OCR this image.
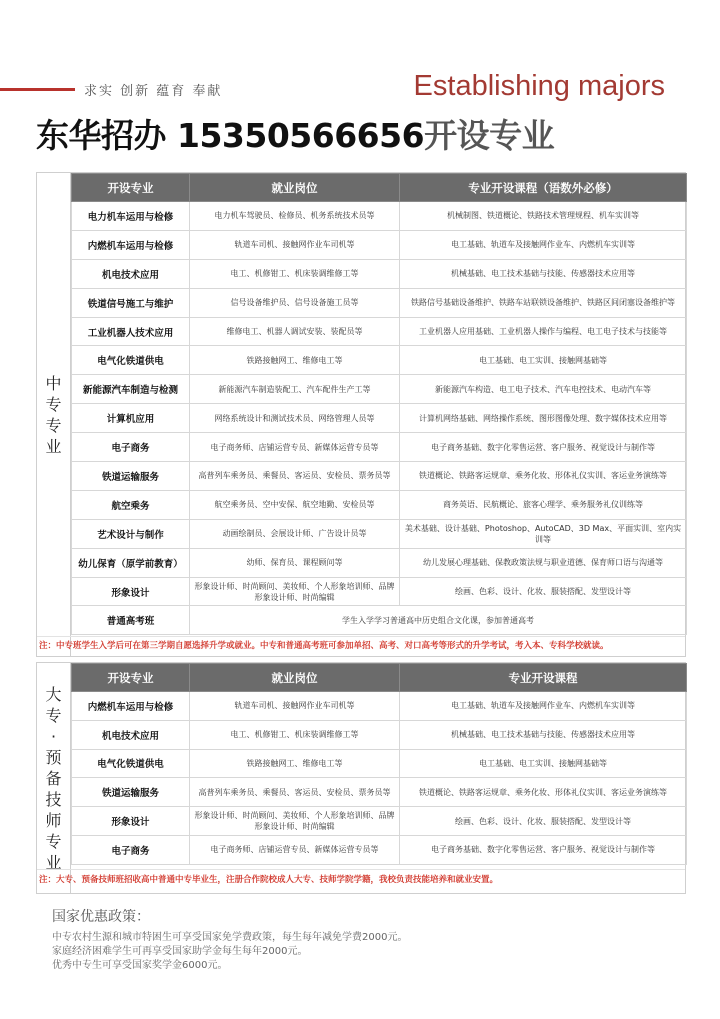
求实 创新 蕴育 奉献	Establishing majors
东华招办 15350566656开设专业
中专专业
开设专业	就业岗位	专业开设课程（语数外必修）
电力机车运用与检修	电力机车驾驶员、检修员、机务系统技术员等	机械制图、铁道概论、铁路技术管理规程、机车实训等
内燃机车运用与检修	轨道车司机、接触网作业车司机等	电工基础、轨道车及接触网作业车、内燃机车实训等
机电技术应用	电工、机修钳工、机床装调维修工等	机械基础、电工技术基础与技能、传感器技术应用等
铁道信号施工与维护	信号设备维护员、信号设备施工员等	铁路信号基础设备维护、铁路车站联锁设备维护、铁路区间闭塞设备维护等
工业机器人技术应用	维修电工、机器人调试安装、装配员等	工业机器人应用基础、工业机器人操作与编程、电工电子技术与技能等
电气化铁道供电	铁路接触网工、维修电工等	电工基础、电工实训、接触网基础等
新能源汽车制造与检测	新能源汽车制造装配工、汽车配件生产工等	新能源汽车构造、电工电子技术、汽车电控技术、电动汽车等
计算机应用	网络系统设计和测试技术员、网络管理人员等	计算机网络基础、网络操作系统、图形图像处理、数字媒体技术应用等
电子商务	电子商务师、店铺运营专员、新媒体运营专员等	电子商务基础、数字化零售运营、客户服务、视觉设计与制作等
铁道运输服务	高普列车乘务员、乘餐员、客运员、安检员、票务员等	铁道概论、铁路客运规章、乘务化妆、形体礼仪实训、客运业务演练等
航空乘务	航空乘务员、空中安保、航空地勤、安检员等	商务英语、民航概论、旅客心理学、乘务服务礼仪训练等
艺术设计与制作	动画绘制员、会展设计师、广告设计员等	美术基础、设计基础、Photoshop、AutoCAD、3D Max、平面实训、室内实训等
幼儿保育（原学前教育）	幼师、保育员、课程顾问等	幼儿发展心理基础、保教政策法规与职业道德、保育师口语与沟通等
形象设计	形象设计师、时尚顾问、美妆师、个人形象培训师、品牌形象设计师、时尚编辑	绘画、色彩、设计、化妆、服装搭配、发型设计等
普通高考班	学生入学学习普通高中历史组合文化课，参加普通高考	
注：中专班学生入学后可在第三学期自愿选择升学或就业。中专和普通高考班可参加单招、高考、对口高考等形式的升学考试，考入本、专科学校就读。
大专·预备技师专业
开设专业	就业岗位	专业开设课程
内燃机车运用与检修	轨道车司机、接触网作业车司机等	电工基础、轨道车及接触网作业车、内燃机车实训等
机电技术应用	电工、机修钳工、机床装调维修工等	机械基础、电工技术基础与技能、传感器技术应用等
电气化铁道供电	铁路接触网工、维修电工等	电工基础、电工实训、接触网基础等
铁道运输服务	高普列车乘务员、乘餐员、客运员、安检员、票务员等	铁道概论、铁路客运规章、乘务化妆、形体礼仪实训、客运业务演练等
形象设计	形象设计师、时尚顾问、美妆师、个人形象培训师、品牌形象设计师、时尚编辑	绘画、色彩、设计、化妆、服装搭配、发型设计等
电子商务	电子商务师、店铺运营专员、新媒体运营专员等	电子商务基础、数字化零售运营、客户服务、视觉设计与制作等
注：大专、预备技师班招收高中普通中专毕业生，注册合作院校成人大专、技师学院学籍，我校负责技能培养和就业安置。
国家优惠政策：
中专农村生源和城市特困生可享受国家免学费政策，每生每年减免学费2000元。
家庭经济困难学生可再享受国家助学金每生每年2000元。
优秀中专生可享受国家奖学金6000元。
